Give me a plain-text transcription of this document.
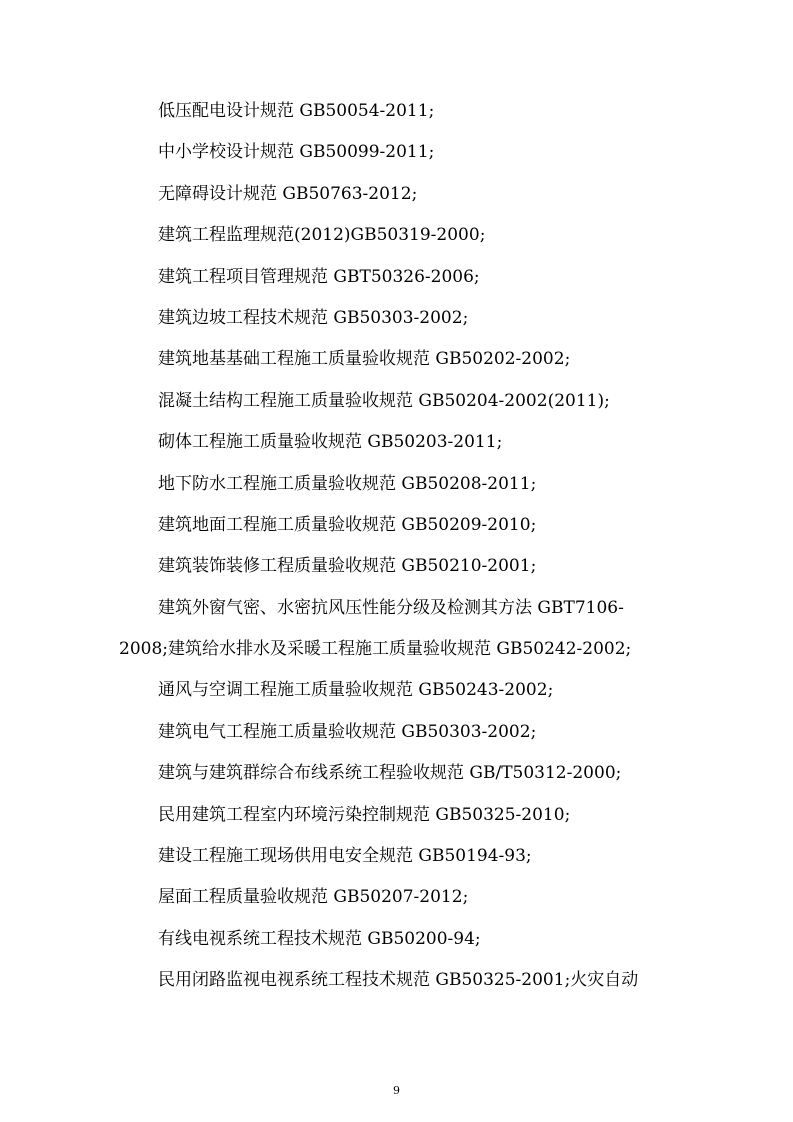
低压配电设计规范 GB50054-2011;
中小学校设计规范 GB50099-2011;
无障碍设计规范 GB50763-2012;
建筑工程监理规范(2012)GB50319-2000;
建筑工程项目管理规范 GBT50326-2006;
建筑边坡工程技术规范 GB50303-2002;
建筑地基基础工程施工质量验收规范 GB50202-2002;
混凝土结构工程施工质量验收规范 GB50204-2002(2011);
砌体工程施工质量验收规范 GB50203-2011;
地下防水工程施工质量验收规范 GB50208-2011;
建筑地面工程施工质量验收规范 GB50209-2010;
建筑装饰装修工程质量验收规范 GB50210-2001;
建筑外窗气密、水密抗风压性能分级及检测其方法 GBT7106-
2008;建筑给水排水及采暖工程施工质量验收规范 GB50242-2002;
通风与空调工程施工质量验收规范 GB50243-2002;
建筑电气工程施工质量验收规范 GB50303-2002;
建筑与建筑群综合布线系统工程验收规范 GB/T50312-2000;
民用建筑工程室内环境污染控制规范 GB50325-2010;
建设工程施工现场供用电安全规范 GB50194-93;
屋面工程质量验收规范 GB50207-2012;
有线电视系统工程技术规范 GB50200-94;
民用闭路监视电视系统工程技术规范 GB50325-2001;火灾自动
9
